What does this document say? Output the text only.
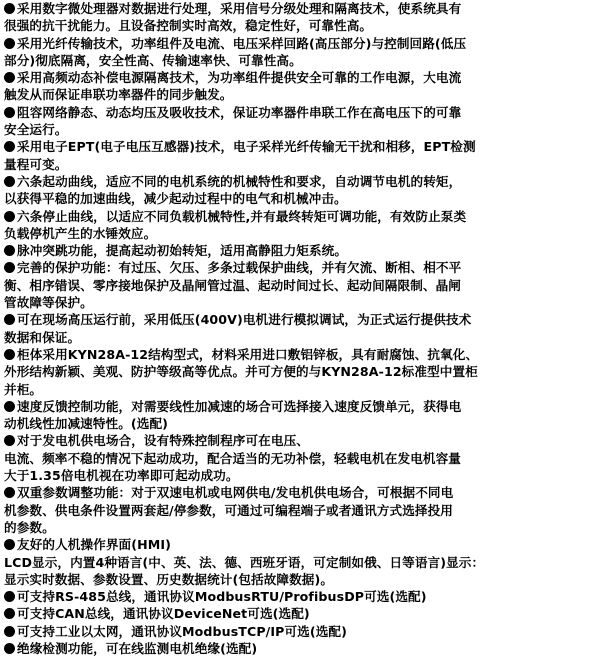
采用数字微处理器对数据进行处理，采用信号分级处理和隔离技术，使系统具有
很强的抗干扰能力。且设备控制实时高效，稳定性好，可靠性高。
采用光纤传输技术，功率组件及电流、电压采样回路(高压部分)与控制回路(低压
部分)彻底隔离，安全性高、传输速率快、可靠性高。
采用高频动态补偿电源隔离技术，为功率组件提供安全可靠的工作电源，大电流
触发从而保证串联功率器件的同步触发。
阻容网络静态、动态均压及吸收技术，保证功率器件串联工作在高电压下的可靠
安全运行。
采用电子EPT(电子电压互感器)技术，电子采样光纤传输无干扰和相移，EPT检测
量程可变。
六条起动曲线，适应不同的电机系统的机械特性和要求，自动调节电机的转矩，
以获得平稳的加速曲线，减少起动过程中的电气和机械冲击。
六条停止曲线，以适应不同负载机械特性,并有最终转矩可调功能，有效防止泵类
负载停机产生的水锤效应。
脉冲突跳功能，提高起动初始转矩，适用高静阻力矩系统。
完善的保护功能：有过压、欠压、多条过载保护曲线，并有欠流、断相、相不平
衡、相序错误、零序接地保护及晶闸管过温、起动时间过长、起动间隔限制、晶闸
管故障等保护。
可在现场高压运行前，采用低压(400V)电机进行模拟调试，为正式运行提供技术
数据和保证。
柜体采用KYN28A-12结构型式，材料采用进口敷铝锌板，具有耐腐蚀、抗氧化、
外形结构新颖、美观、防护等级高等优点。并可方便的与KYN28A-12标准型中置柜
并柜。
速度反馈控制功能，对需要线性加减速的场合可选择接入速度反馈单元，获得电
动机线性加减速特性。(选配)
对于发电机供电场合，设有特殊控制程序可在电压、
电流、频率不稳的情况下起动成功，配合适当的无功补偿，轻载电机在发电机容量
大于1.35倍电机视在功率即可起动成功。
双重参数调整功能：对于双速电机或电网供电/发电机供电场合，可根据不同电
机参数、供电条件设置两套起/停参数，可通过可编程端子或者通讯方式选择投用
的参数。
友好的人机操作界面(HMI)
LCD显示，内置4种语言(中、英、法、德、西班牙语，可定制如俄、日等语言)显示：
显示实时数据、参数设置、历史数据统计(包括故障数据)。
可支持RS-485总线，通讯协议ModbusRTU/ProfibusDP可选(选配)
可支持CAN总线，通讯协议DeviceNet可选(选配)
可支持工业以太网，通讯协议ModbusTCP/IP可选(选配)
绝缘检测功能，可在线监测电机绝缘(选配)
